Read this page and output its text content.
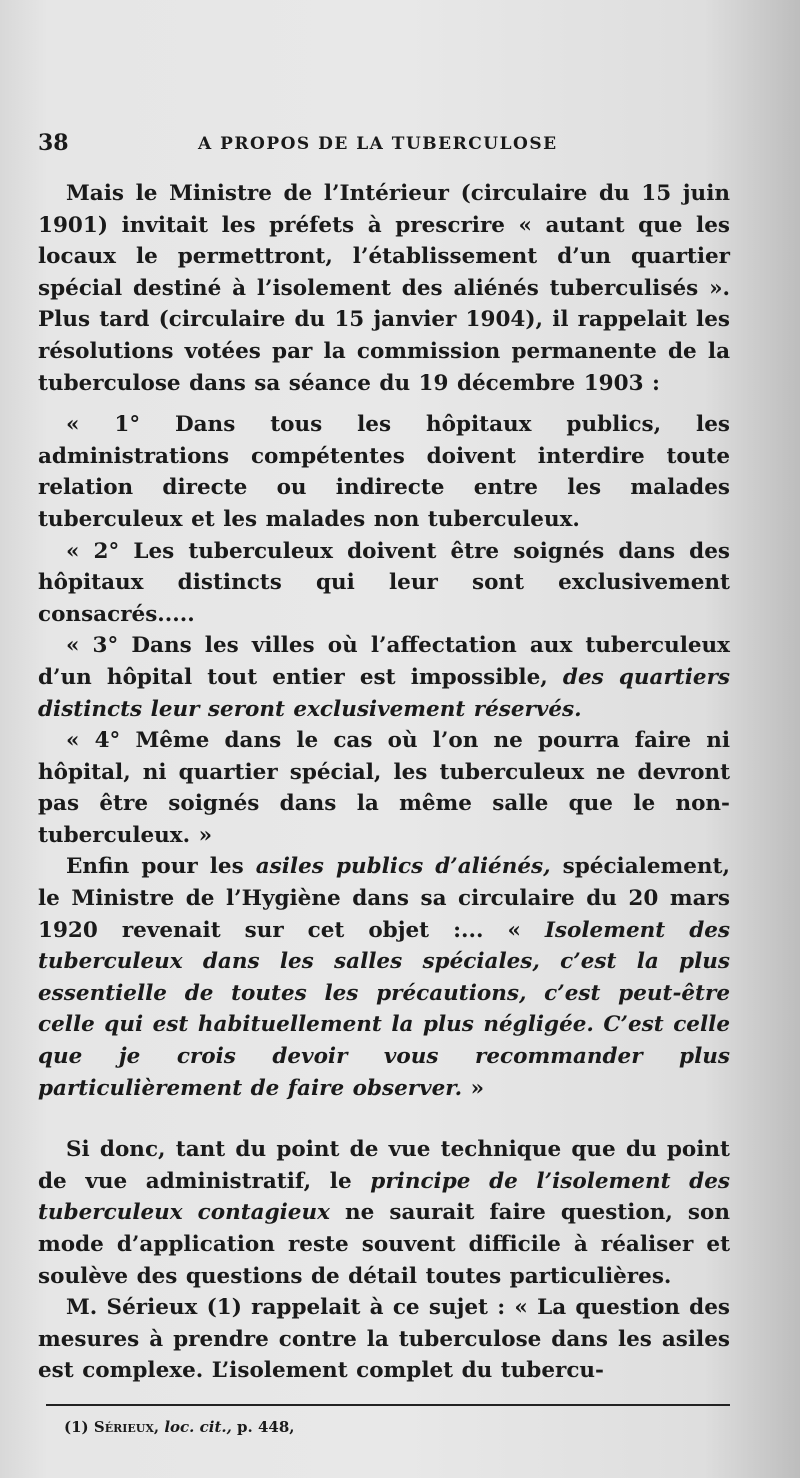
38	A PROPOS DE LA TUBERCULOSE

Mais le Ministre de l’Intérieur (circulaire du 15 juin 1901) invitait les préfets à prescrire « autant que les locaux le permettront, l’établissement d’un quartier spécial destiné à l’isolement des aliénés tuberculisés ». Plus tard (circulaire du 15 janvier 1904), il rappelait les résolutions votées par la commission permanente de la tuberculose dans sa séance du 19 décembre 1903 :

« 1° Dans tous les hôpitaux publics, les administrations compétentes doivent interdire toute relation directe ou indirecte entre les malades tuberculeux et les malades non tuberculeux.

« 2° Les tuberculeux doivent être soignés dans des hôpitaux distincts qui leur sont exclusivement consacrés.....

« 3° Dans les villes où l’affectation aux tuberculeux d’un hôpital tout entier est impossible, des quartiers distincts leur seront exclusivement réservés.

« 4° Même dans le cas où l’on ne pourra faire ni hôpital, ni quartier spécial, les tuberculeux ne devront pas être soignés dans la même salle que le non-tuberculeux. »

Enfin pour les asiles publics d’aliénés, spécialement, le Ministre de l’Hygiène dans sa circulaire du 20 mars 1920 revenait sur cet objet :... « Isolement des tuberculeux dans les salles spéciales, c’est la plus essentielle de toutes les précautions, c’est peut-être celle qui est habituellement la plus négligée. C’est celle que je crois devoir vous recommander plus particulièrement de faire observer. »

Si donc, tant du point de vue technique que du point de vue administratif, le principe de l’isolement des tuberculeux contagieux ne saurait faire question, son mode d’application reste souvent difficile à réaliser et soulève des questions de détail toutes particulières.

M. Sérieux (1) rappelait à ce sujet : « La question des mesures à prendre contre la tuberculose dans les asiles est complexe. L’isolement complet du tubercu-

(1) Sérieux, loc. cit., p. 448,
